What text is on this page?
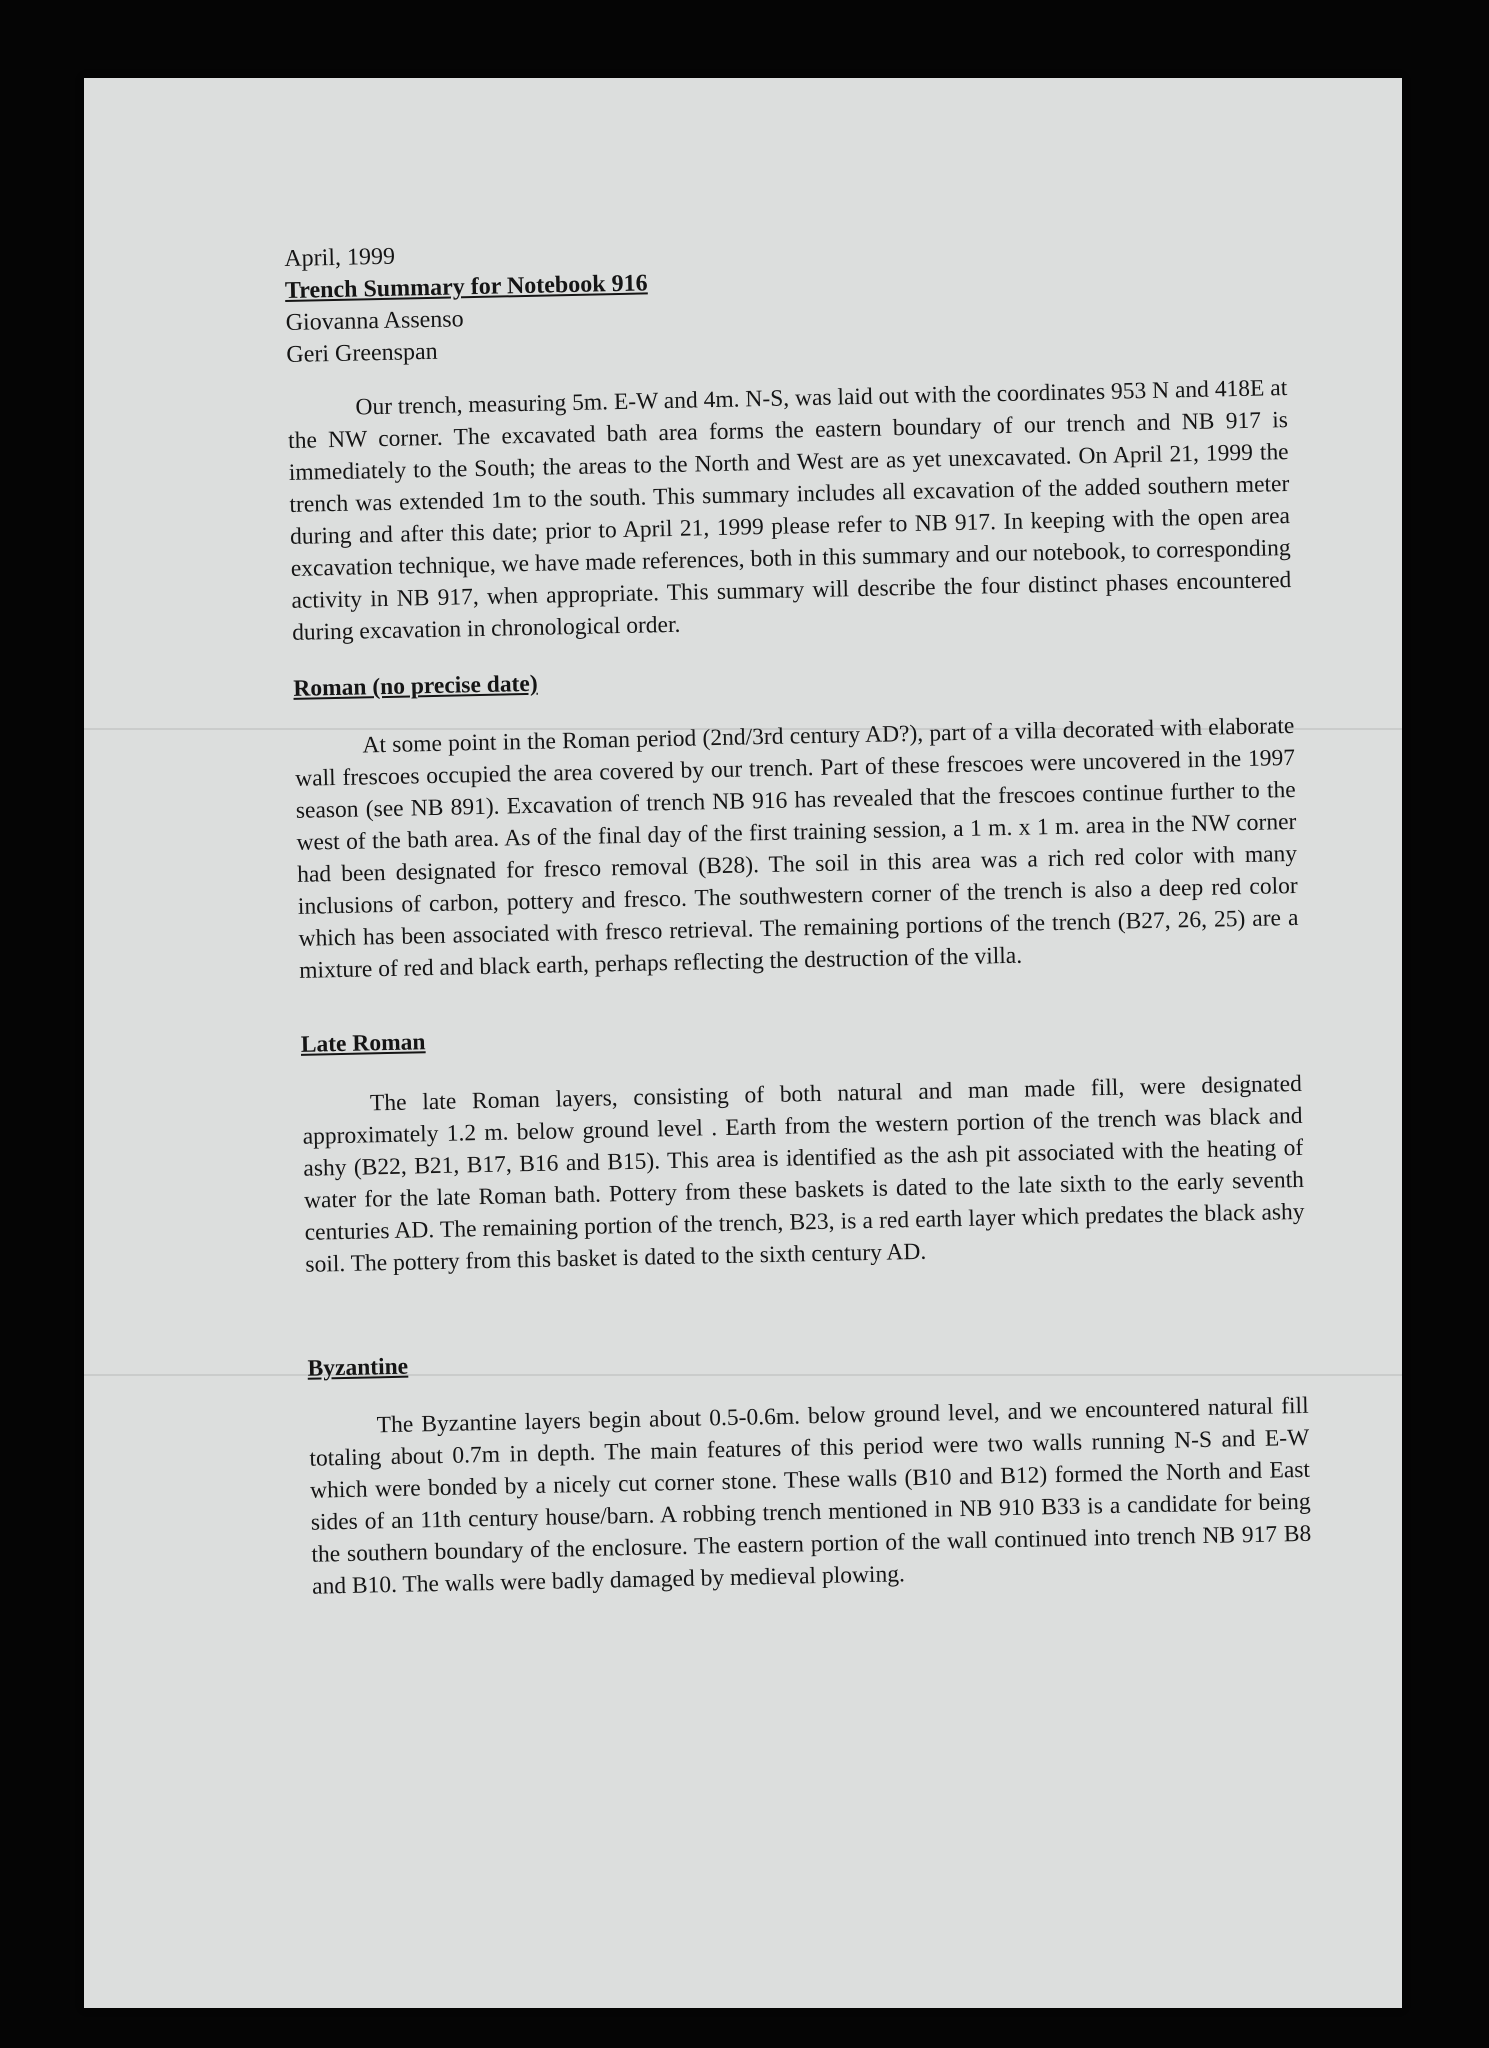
April, 1999

Trench Summary for Notebook 916

Giovanna Assenso

Geri Greenspan

Our trench, measuring 5m. E-W and 4m. N-S, was laid out with the coordinates 953 N and 418E at the NW corner. The excavated bath area forms the eastern boundary of our trench and NB 917 is immediately to the South; the areas to the North and West are as yet unexcavated. On April 21, 1999 the trench was extended 1m to the south. This summary includes all excavation of the added southern meter during and after this date; prior to April 21, 1999 please refer to NB 917. In keeping with the open area excavation technique, we have made references, both in this summary and our notebook, to corresponding activity in NB 917, when appropriate. This summary will describe the four distinct phases encountered during excavation in chronological order.

Roman (no precise date)

At some point in the Roman period (2nd/3rd century AD?), part of a villa decorated with elaborate wall frescoes occupied the area covered by our trench. Part of these frescoes were uncovered in the 1997 season (see NB 891). Excavation of trench NB 916 has revealed that the frescoes continue further to the west of the bath area. As of the final day of the first training session, a 1 m. x 1 m. area in the NW corner had been designated for fresco removal (B28). The soil in this area was a rich red color with many inclusions of carbon, pottery and fresco. The southwestern corner of the trench is also a deep red color which has been associated with fresco retrieval. The remaining portions of the trench (B27, 26, 25) are a mixture of red and black earth, perhaps reflecting the destruction of the villa.

Late Roman

The late Roman layers, consisting of both natural and man made fill, were designated approximately 1.2 m. below ground level . Earth from the western portion of the trench was black and ashy (B22, B21, B17, B16 and B15). This area is identified as the ash pit associated with the heating of water for the late Roman bath. Pottery from these baskets is dated to the late sixth to the early seventh centuries AD. The remaining portion of the trench, B23, is a red earth layer which predates the black ashy soil. The pottery from this basket is dated to the sixth century AD.

Byzantine

The Byzantine layers begin about 0.5-0.6m. below ground level, and we encountered natural fill totaling about 0.7m in depth. The main features of this period were two walls running N-S and E-W which were bonded by a nicely cut corner stone. These walls (B10 and B12) formed the North and East sides of an 11th century house/barn. A robbing trench mentioned in NB 910 B33 is a candidate for being the southern boundary of the enclosure. The eastern portion of the wall continued into trench NB 917 B8 and B10. The walls were badly damaged by medieval plowing.
